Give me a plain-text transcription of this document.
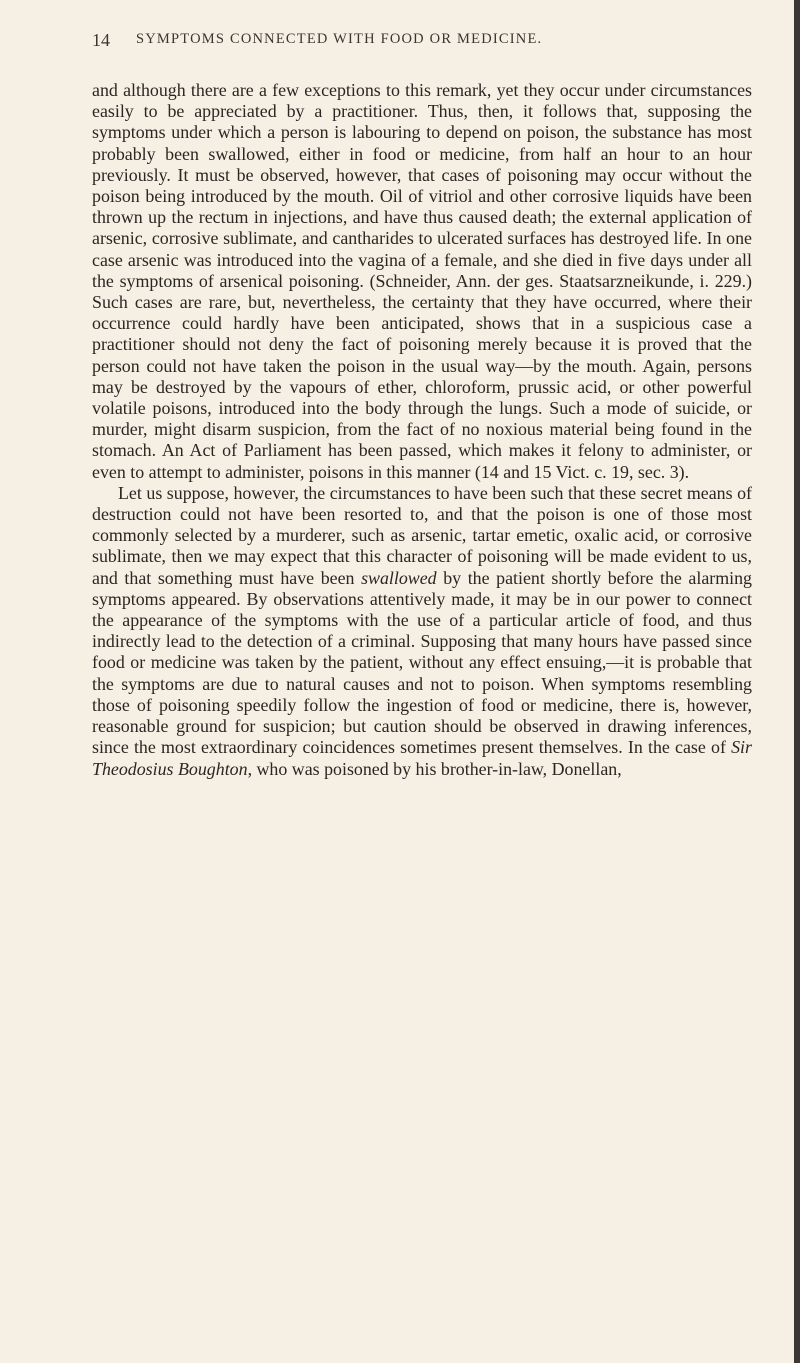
14 SYMPTOMS CONNECTED WITH FOOD OR MEDICINE.

and although there are a few exceptions to this remark, yet they occur under circumstances easily to be appreciated by a practitioner. Thus, then, it follows that, supposing the symptoms under which a person is labouring to depend on poison, the substance has most probably been swallowed, either in food or medicine, from half an hour to an hour previously. It must be observed, however, that cases of poisoning may occur without the poison being introduced by the mouth. Oil of vitriol and other corrosive liquids have been thrown up the rectum in injections, and have thus caused death; the external application of arsenic, corrosive sublimate, and cantharides to ulcerated surfaces has destroyed life. In one case arsenic was introduced into the vagina of a female, and she died in five days under all the symptoms of arsenical poisoning. (Schneider, Ann. der ges. Staatsarzneikunde, i. 229.) Such cases are rare, but, nevertheless, the certainty that they have occurred, where their occurrence could hardly have been anticipated, shows that in a suspicious case a practitioner should not deny the fact of poisoning merely because it is proved that the person could not have taken the poison in the usual way—by the mouth. Again, persons may be destroyed by the vapours of ether, chloroform, prussic acid, or other powerful volatile poisons, introduced into the body through the lungs. Such a mode of suicide, or murder, might disarm suspicion, from the fact of no noxious material being found in the stomach. An Act of Parliament has been passed, which makes it felony to administer, or even to attempt to administer, poisons in this manner (14 and 15 Vict. c. 19, sec. 3).

Let us suppose, however, the circumstances to have been such that these secret means of destruction could not have been resorted to, and that the poison is one of those most commonly selected by a murderer, such as arsenic, tartar emetic, oxalic acid, or corrosive sublimate, then we may expect that this character of poisoning will be made evident to us, and that something must have been swallowed by the patient shortly before the alarming symptoms appeared. By observations attentively made, it may be in our power to connect the appearance of the symptoms with the use of a particular article of food, and thus indirectly lead to the detection of a criminal. Supposing that many hours have passed since food or medicine was taken by the patient, without any effect ensuing,—it is probable that the symptoms are due to natural causes and not to poison. When symptoms resembling those of poisoning speedily follow the ingestion of food or medicine, there is, however, reasonable ground for suspicion; but caution should be observed in drawing inferences, since the most extraordinary coincidences sometimes present themselves. In the case of Sir Theodosius Boughton, who was poisoned by his brother-in-law, Donellan,
